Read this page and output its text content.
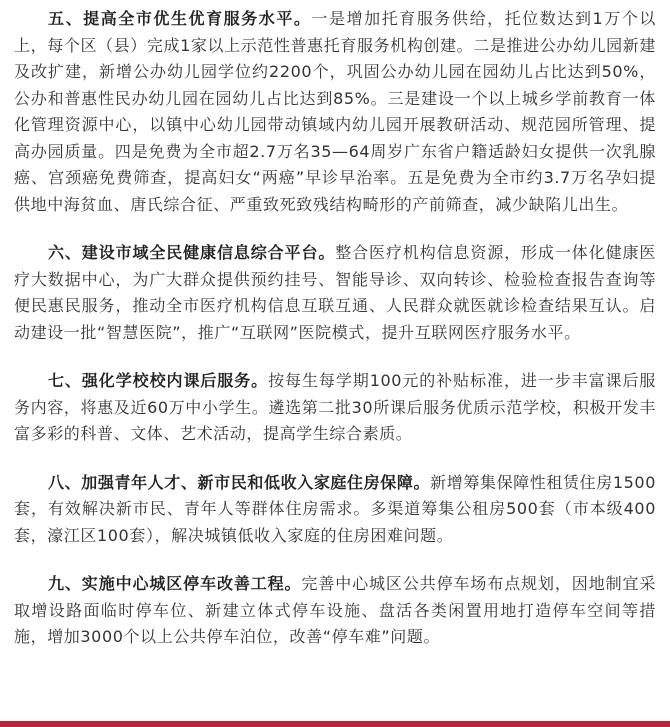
五、提高全市优生优育服务水平。一是增加托育服务供给，托位数达到1万个以上，每个区（县）完成1家以上示范性普惠托育服务机构创建。二是推进公办幼儿园新建及改扩建，新增公办幼儿园学位约2200个，巩固公办幼儿园在园幼儿占比达到50%，公办和普惠性民办幼儿园在园幼儿占比达到85%。三是建设一个以上城乡学前教育一体化管理资源中心，以镇中心幼儿园带动镇域内幼儿园开展教研活动、规范园所管理、提高办园质量。四是免费为全市超2.7万名35—64周岁广东省户籍适龄妇女提供一次乳腺癌、宫颈癌免费筛查，提高妇女“两癌”早诊早治率。五是免费为全市约3.7万名孕妇提供地中海贫血、唐氏综合征、严重致死致残结构畸形的产前筛查，减少缺陷儿出生。

六、建设市域全民健康信息综合平台。整合医疗机构信息资源，形成一体化健康医疗大数据中心，为广大群众提供预约挂号、智能导诊、双向转诊、检验检查报告查询等便民惠民服务，推动全市医疗机构信息互联互通、人民群众就医就诊检查结果互认。启动建设一批“智慧医院”，推广“互联网”医院模式，提升互联网医疗服务水平。

七、强化学校校内课后服务。按每生每学期100元的补贴标准，进一步丰富课后服务内容，将惠及近60万中小学生。遴选第二批30所课后服务优质示范学校，积极开发丰富多彩的科普、文体、艺术活动，提高学生综合素质。

八、加强青年人才、新市民和低收入家庭住房保障。新增筹集保障性租赁住房1500套，有效解决新市民、青年人等群体住房需求。多渠道筹集公租房500套（市本级400套，濠江区100套），解决城镇低收入家庭的住房困难问题。

九、实施中心城区停车改善工程。完善中心城区公共停车场布点规划，因地制宜采取增设路面临时停车位、新建立体式停车设施、盘活各类闲置用地打造停车空间等措施，增加3000个以上公共停车泊位，改善“停车难”问题。
